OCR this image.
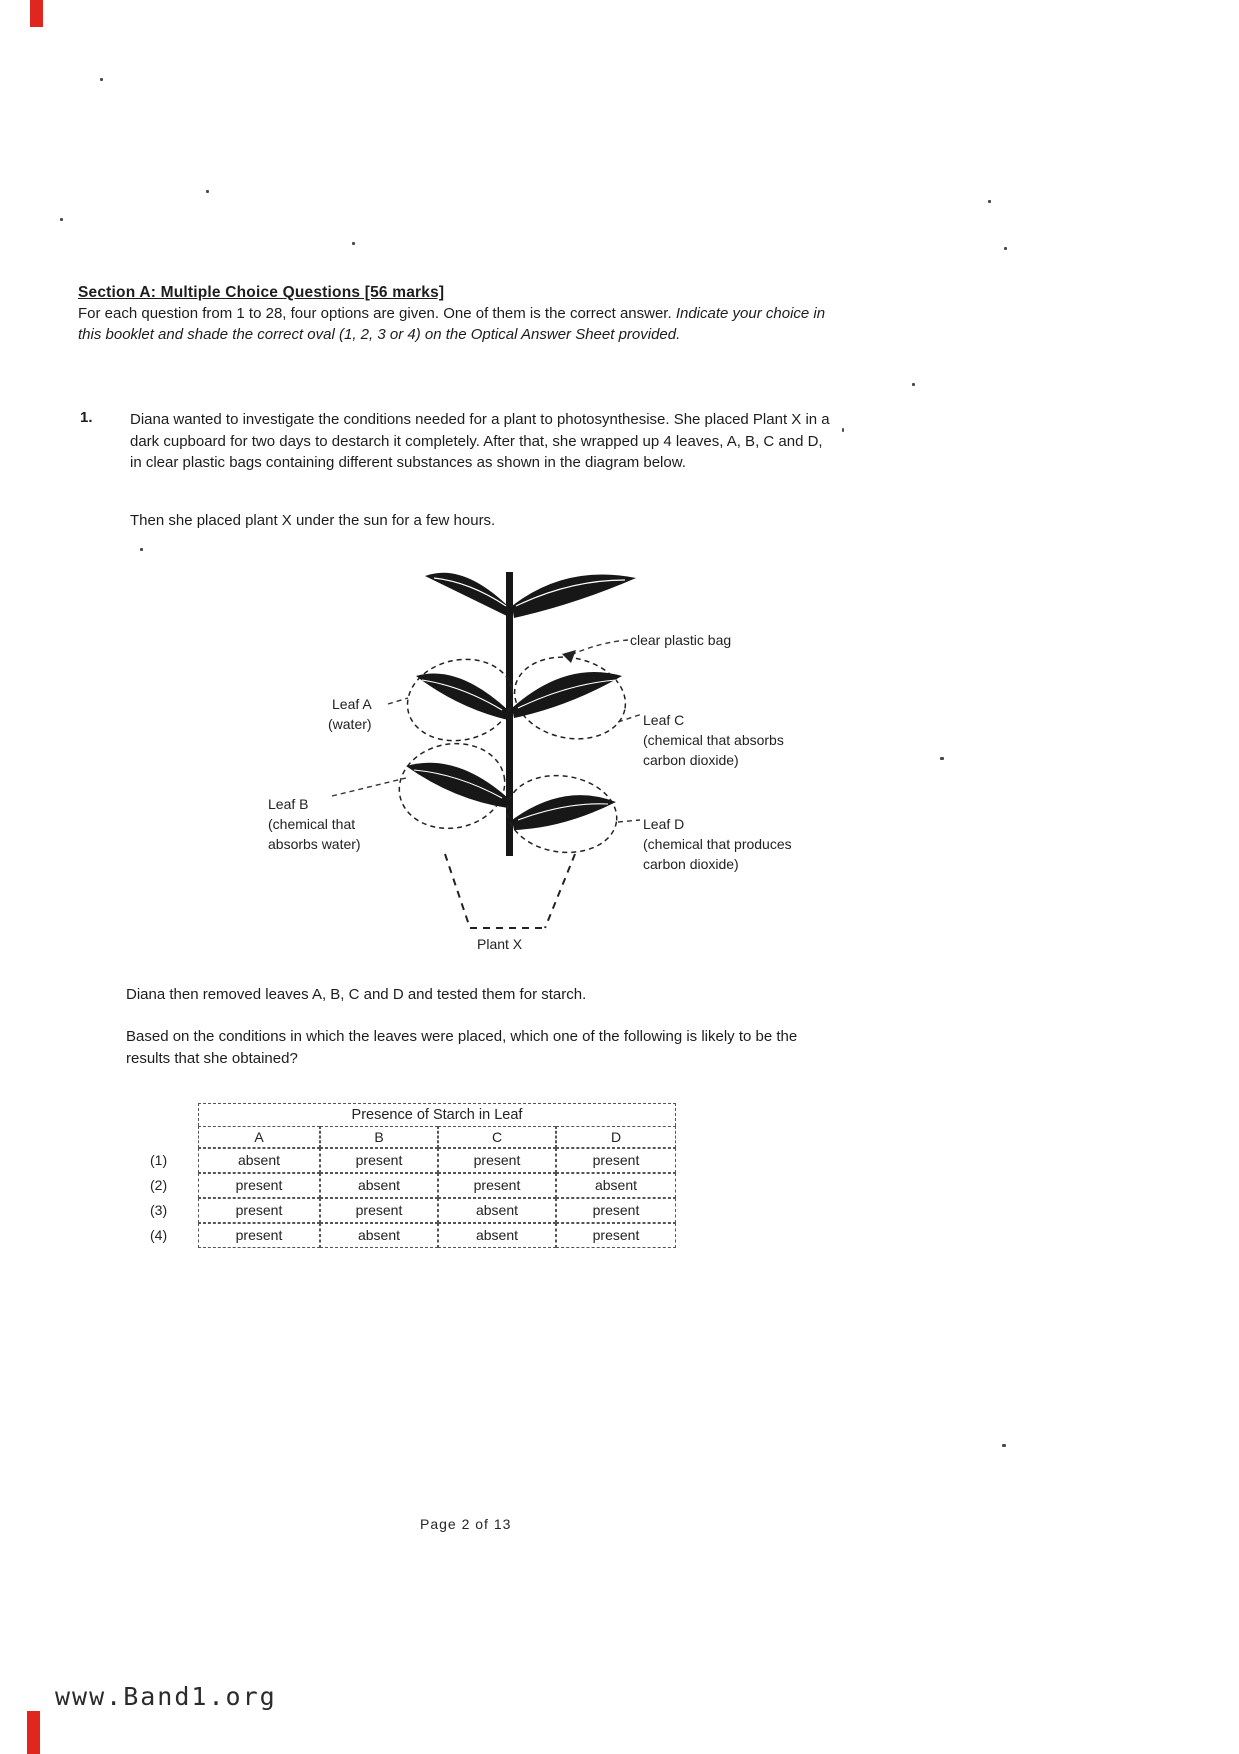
Section A: Multiple Choice Questions [56 marks]

For each question from 1 to 28, four options are given. One of them is the correct answer. Indicate your choice in this booklet and shade the correct oval (1, 2, 3 or 4) on the Optical Answer Sheet provided.

1. Diana wanted to investigate the conditions needed for a plant to photosynthesise. She placed Plant X in a dark cupboard for two days to destarch it completely. After that, she wrapped up 4 leaves, A, B, C and D, in clear plastic bags containing different substances as shown in the diagram below.

Then she placed plant X under the sun for a few hours.
clear plastic bag
Leaf A
(water)	Leaf C
(chemical that absorbs
carbon dioxide)
Leaf B
(chemical that
absorbs water)
Leaf D
(chemical that produces
carbon dioxide)
Plant X
Diana then removed leaves A, B, C and D and tested them for starch.

Based on the conditions in which the leaves were placed, which one of the following is likely to be the results that she obtained?

Presence of Starch in Leaf
A	B	C	D
(1)	absent	present	present	present
(2)	present	absent	present	absent
(3)	present	present	absent	present
(4)	present	absent	absent	present
Page 2 of 13
www.Band1.org
